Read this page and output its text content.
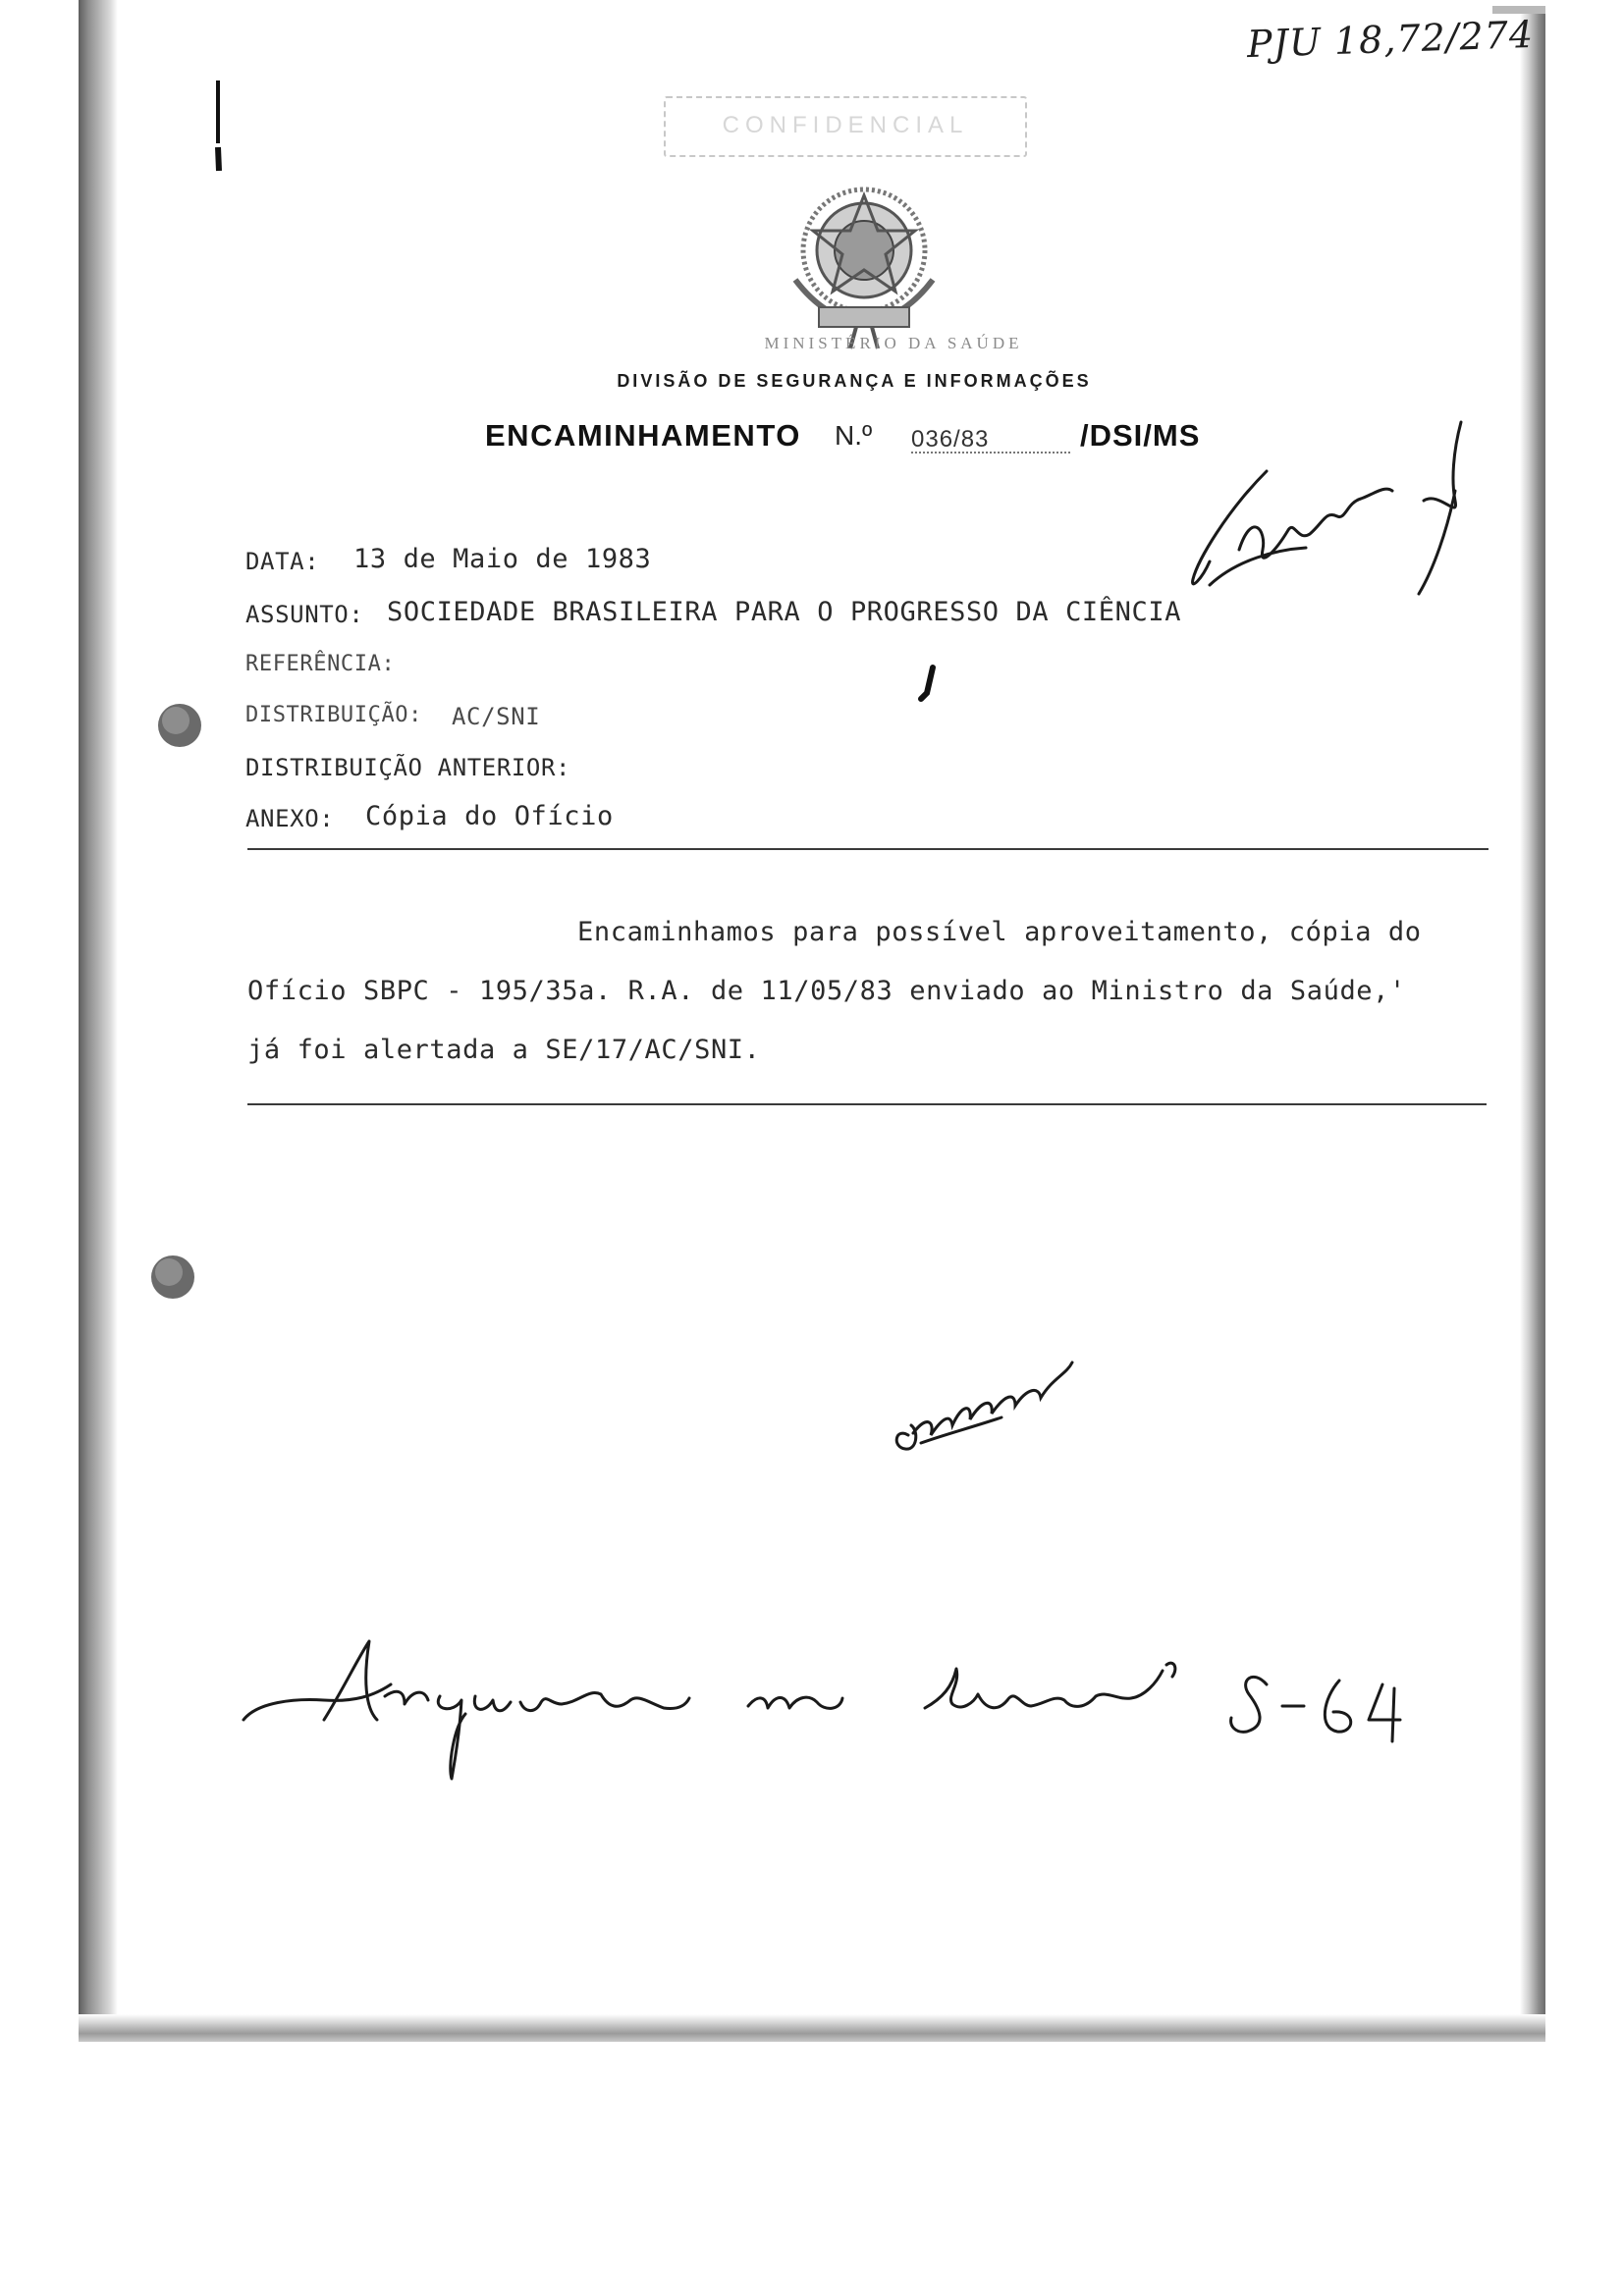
PJU 18,72/274
CONFIDENCIAL
MINISTÉRIO DA SAÚDE
DIVISÃO DE SEGURANÇA E INFORMAÇÕES
ENCAMINHAMENTO N.º 036/83	/DSI/MS
DATA: 13 de Maio de 1983
ASSUNTO: SOCIEDADE BRASILEIRA PARA O PROGRESSO DA CIÊNCIA
REFERÊNCIA:
DISTRIBUIÇÃO: AC/SNI
DISTRIBUIÇÃO ANTERIOR:
ANEXO: Cópia do Ofício
Encaminhamos para possível aproveitamento, cópia do
Ofício SBPC - 195/35a. R.A. de 11/05/83 enviado ao Ministro da Saúde,'
já foi alertada a SE/17/AC/SNI.
